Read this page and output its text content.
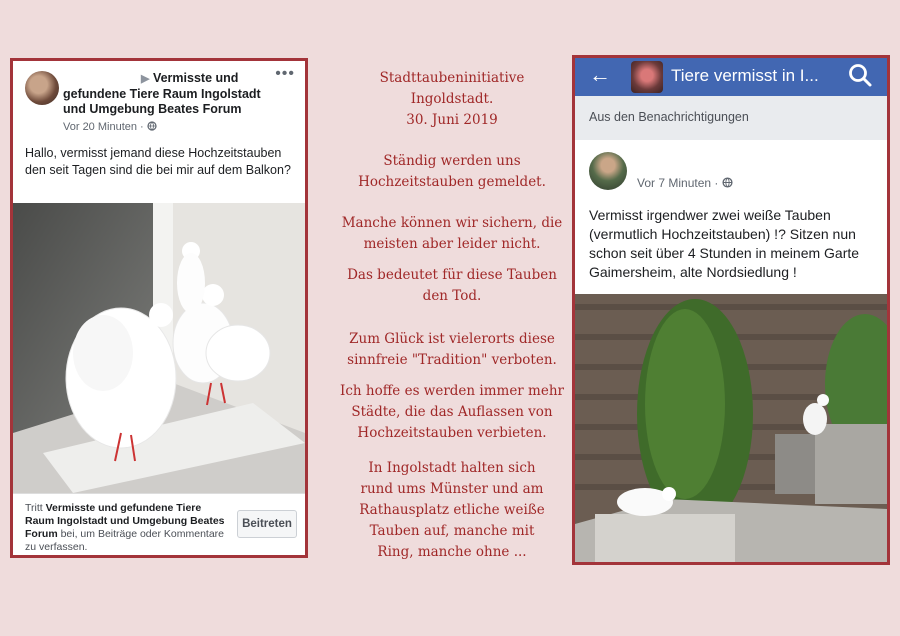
▶ Vermisste und gefundene Tiere Raum Ingolstadt und Umgebung Beates Forum
•••
Vor 20 Minuten ·
Hallo, vermisst jemand diese Hochzeitstauben den seit Tagen sind die bei mir auf dem Balkon?
Tritt Vermisste und gefundene Tiere Raum Ingolstadt und Umgebung Beates Forum bei, um Beiträge oder Kommentare zu verfassen.
Beitreten

Stadttaubeninitiative

Ingoldstadt.

30. Juni 2019

Ständig werden uns Hochzeitstauben gemeldet.

Manche können wir sichern, die meisten aber leider nicht.

Das bedeutet für diese Tauben den Tod.

Zum Glück ist vielerorts diese sinnfreie "Tradition" verboten.

Ich hoffe es werden immer mehr Städte, die das Auflassen von Hochzeitstauben verbieten.

In Ingolstadt halten sich rund ums Münster und am Rathausplatz etliche weiße Tauben auf, manche mit Ring, manche ohne ...

←	Tiere vermisst in I...
Aus den Benachrichtigungen
Vor 7 Minuten ·
Vermisst irgendwer zwei weiße Tauben
(vermutlich Hochzeitstauben) !? Sitzen nun
schon seit über 4 Stunden in meinem Garte
Gaimersheim, alte Nordsiedlung !
